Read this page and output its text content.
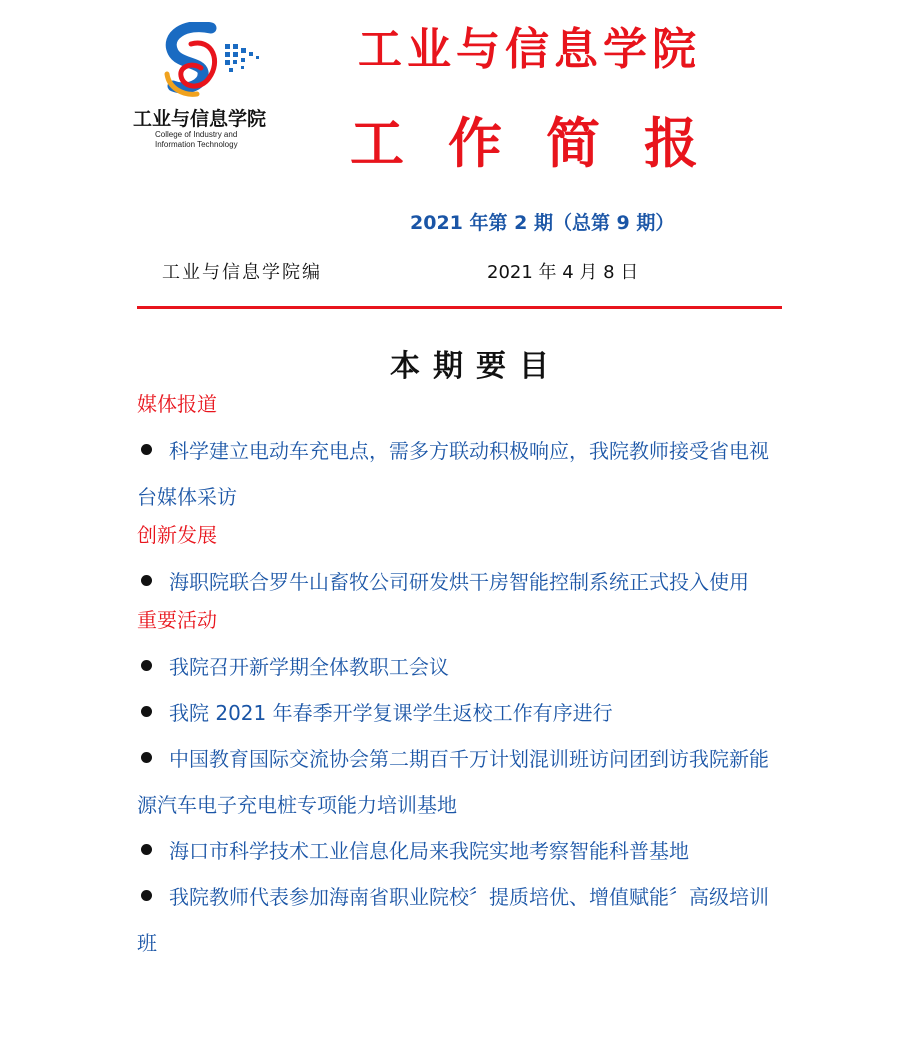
工业与信息学院
College of Industry and
Information Technology
工业与信息学院
工作简报
2021 年第 2 期（总第 9 期）
工业与信息学院编	2021 年 4 月 8 日
本期要目

媒体报道

科学建立电动车充电点，需多方联动积极响应，我院教师接受省电视台媒体采访

创新发展

海职院联合罗牛山畜牧公司研发烘干房智能控制系统正式投入使用

重要活动

我院召开新学期全体教职工会议

我院 2021 年春季开学复课学生返校工作有序进行

中国教育国际交流协会第二期百千万计划混训班访问团到访我院新能源汽车电子充电桩专项能力培训基地

海口市科学技术工业信息化局来我院实地考察智能科普基地

我院教师代表参加海南省职业院校〞提质培优、增值赋能〞高级培训班
